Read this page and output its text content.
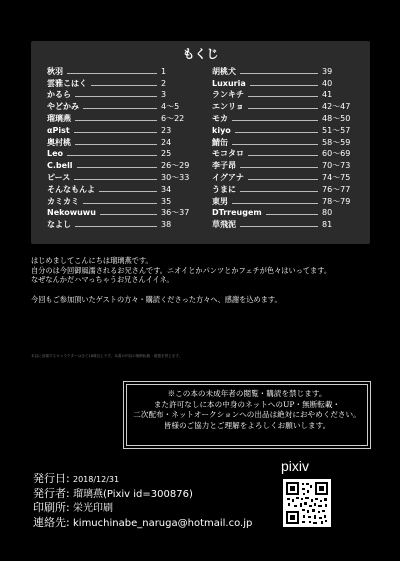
もくじ
秋羽	1
雲雅こはく	2
かるら	3
やどかみ	4〜5
瑠璃燕	6〜22
αPist	23
奥村桃	24
Leo	25
C.bell	26〜29
ピース	30〜33
そんなもんよ	34
カミカミ	35
Nekowuwu	36〜37
なよし	38
胡桃犬	39
Luxuria	40
ランキチ	41
エンリョ	42〜47
モカ	48〜50
kiyo	51〜57
鯖缶	58〜59
モコタロ	60〜69
李子昂	70〜73
イグアナ	74〜75
うまに	76〜77
東男	78〜79
DTrreugem	80
草飛泥	81

はじめましてこんにちは瑠璃燕です。

自分のは今回御風濡されるお兄さんです。ニオイとかパンツとかフェチが色々はいってます。

なぜなんかだハマっちゃうお兄さんイイネ。

今回もご参加頂いたゲストの方々・購読くださった方々へ、感謝を込めます。
本誌に登場するキャラクターは全て18歳以上です。本書の内容の無断転載・複製を禁じます。
※この本の未成年者の閲覧・購読を禁じます。
また許可なしに本の中身のネットへのUP・無断転載・
二次配布・ネットオークションへの出品は絶対におやめください。
皆様のご協力とご理解をよろしくお願いします。
発行日: 2018/12/31
発行者: 瑠璃燕(Pixiv id=300876)
印刷所: 栄光印刷
連絡先: kimuchinabe_naruga@hotmail.co.jp
pixiv
